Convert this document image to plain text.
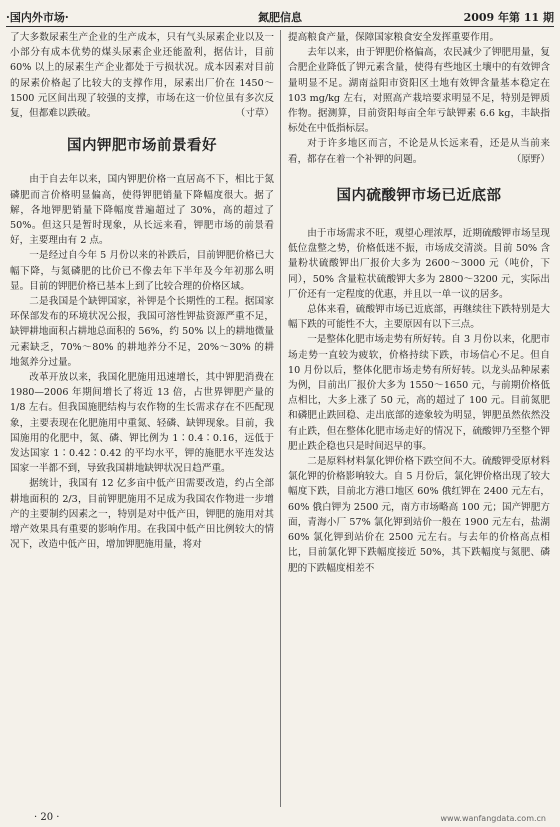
·国内外市场·	氮肥信息	2009 年第 11 期

了大多数尿素生产企业的生产成本，只有气头尿素企业以及一小部分有成本优势的煤头尿素企业还能盈利，据估计，目前 60% 以上的尿素生产企业都处于亏损状况。成本因素对目前的尿素价格起了比较大的支撑作用，尿素出厂价在 1450～1500 元区间出现了较强的支撑，市场在这一价位虽有多次反复，但都难以跌破。	（寸草）

国内钾肥市场前景看好

由于自去年以来，国内钾肥价格一直居高不下，相比于氮磷肥而言价格明显偏高，使得钾肥销量下降幅度很大。据了解，各地钾肥销量下降幅度普遍超过了 30%，高的超过了 50%。但这只是暂时现象，从长远来看，钾肥市场的前景看好，主要理由有 2 点。

一是经过自今年 5 月份以来的补跌后，目前钾肥价格已大幅下降，与氮磷肥的比价已不像去年下半年及今年初那么明显。目前的钾肥价格已基本上到了比较合理的价格区域。

二是我国是个缺钾国家，补钾是个长期性的工程。据国家环保部发布的环境状况公报，我国可溶性钾盐资源严重不足，缺钾耕地面积占耕地总面积的 56%，约 50% 以上的耕地微量元素缺乏，70%～80% 的耕地养分不足，20%～30% 的耕地氮养分过量。

改革开放以来，我国化肥施用迅速增长，其中钾肥消费在 1980—2006 年期间增长了将近 13 倍，占世界钾肥产量的 1/8 左右。但我国施肥结构与农作物的生长需求存在不匹配现象，主要表现在化肥施用中重氮、轻磷、缺钾现象。目前，我国施用的化肥中，氮、磷、钾比例为 1∶0.4∶0.16，远低于发达国家 1∶0.42∶0.42 的平均水平，钾的施肥水平连发达国家一半都不到，导致我国耕地缺钾状况日趋严重。

据统计，我国有 12 亿多亩中低产田需要改造，约占全部耕地面积的 2/3，目前钾肥施用不足成为我国农作物进一步增产的主要制约因素之一，特别是对中低产田，钾肥的施用对其增产效果具有重要的影响作用。在我国中低产田比例较大的情况下，改造中低产田，增加钾肥施用量，将对

提高粮食产量，保障国家粮食安全发挥重要作用。

去年以来，由于钾肥价格偏高，农民减少了钾肥用量，复合肥企业降低了钾元素含量，使得有些地区土壤中的有效钾含量明显不足。湖南益阳市资阳区土地有效钾含量基本稳定在 103 mg/kg 左右，对照高产栽培要求明显不足，特别是钾质作物。据测算，目前资阳每亩全年亏缺钾素 6.6 kg，丰缺指标处在中低指标层。

对于许多地区而言，不论是从长远来看，还是从当前来看，都存在着一个补钾的问题。	（原野）

国内硫酸钾市场已近底部

由于市场需求不旺，观望心理浓厚，近期硫酸钾市场呈现低位盘整之势，价格低迷不振，市场成交清淡。目前 50% 含量粉状硫酸钾出厂报价大多为 2600～3000 元（吨价，下同），50% 含量粒状硫酸钾大多为 2800～3200 元，实际出厂价还有一定程度的优惠，并且以一单一议的居多。

总体来看，硫酸钾市场已近底部，再继续往下跌特别是大幅下跌的可能性不大，主要原因有以下三点。

一是整体化肥市场走势有所好转。自 3 月份以来，化肥市场走势一直较为疲软，价格持续下跌，市场信心不足。但自 10 月份以后，整体化肥市场走势有所好转。以龙头品种尿素为例，目前出厂报价大多为 1550～1650 元，与前期价格低点相比，大多上涨了 50 元，高的超过了 100 元。目前氮肥和磷肥止跌回稳、走出底部的迹象较为明显，钾肥虽然依然没有止跌，但在整体化肥市场走好的情况下，硫酸钾乃至整个钾肥止跌企稳也只是时间迟早的事。

二是原料材料氯化钾价格下跌空间不大。硫酸钾受原材料氯化钾的价格影响较大。自 5 月份后，氯化钾价格出现了较大幅度下跌，目前北方港口地区 60% 俄红钾在 2400 元左右，60% 俄白钾为 2500 元，南方市场略高 100 元；国产钾肥方面，青海小厂 57% 氯化钾到站价一般在 1900 元左右，盐湖 60% 氯化钾到站价在 2500 元左右。与去年的价格高点相比，目前氯化钾下跌幅度接近 50%，其下跌幅度与氮肥、磷肥的下跌幅度相差不

· 20 ·	www.wanfangdata.com.cn
